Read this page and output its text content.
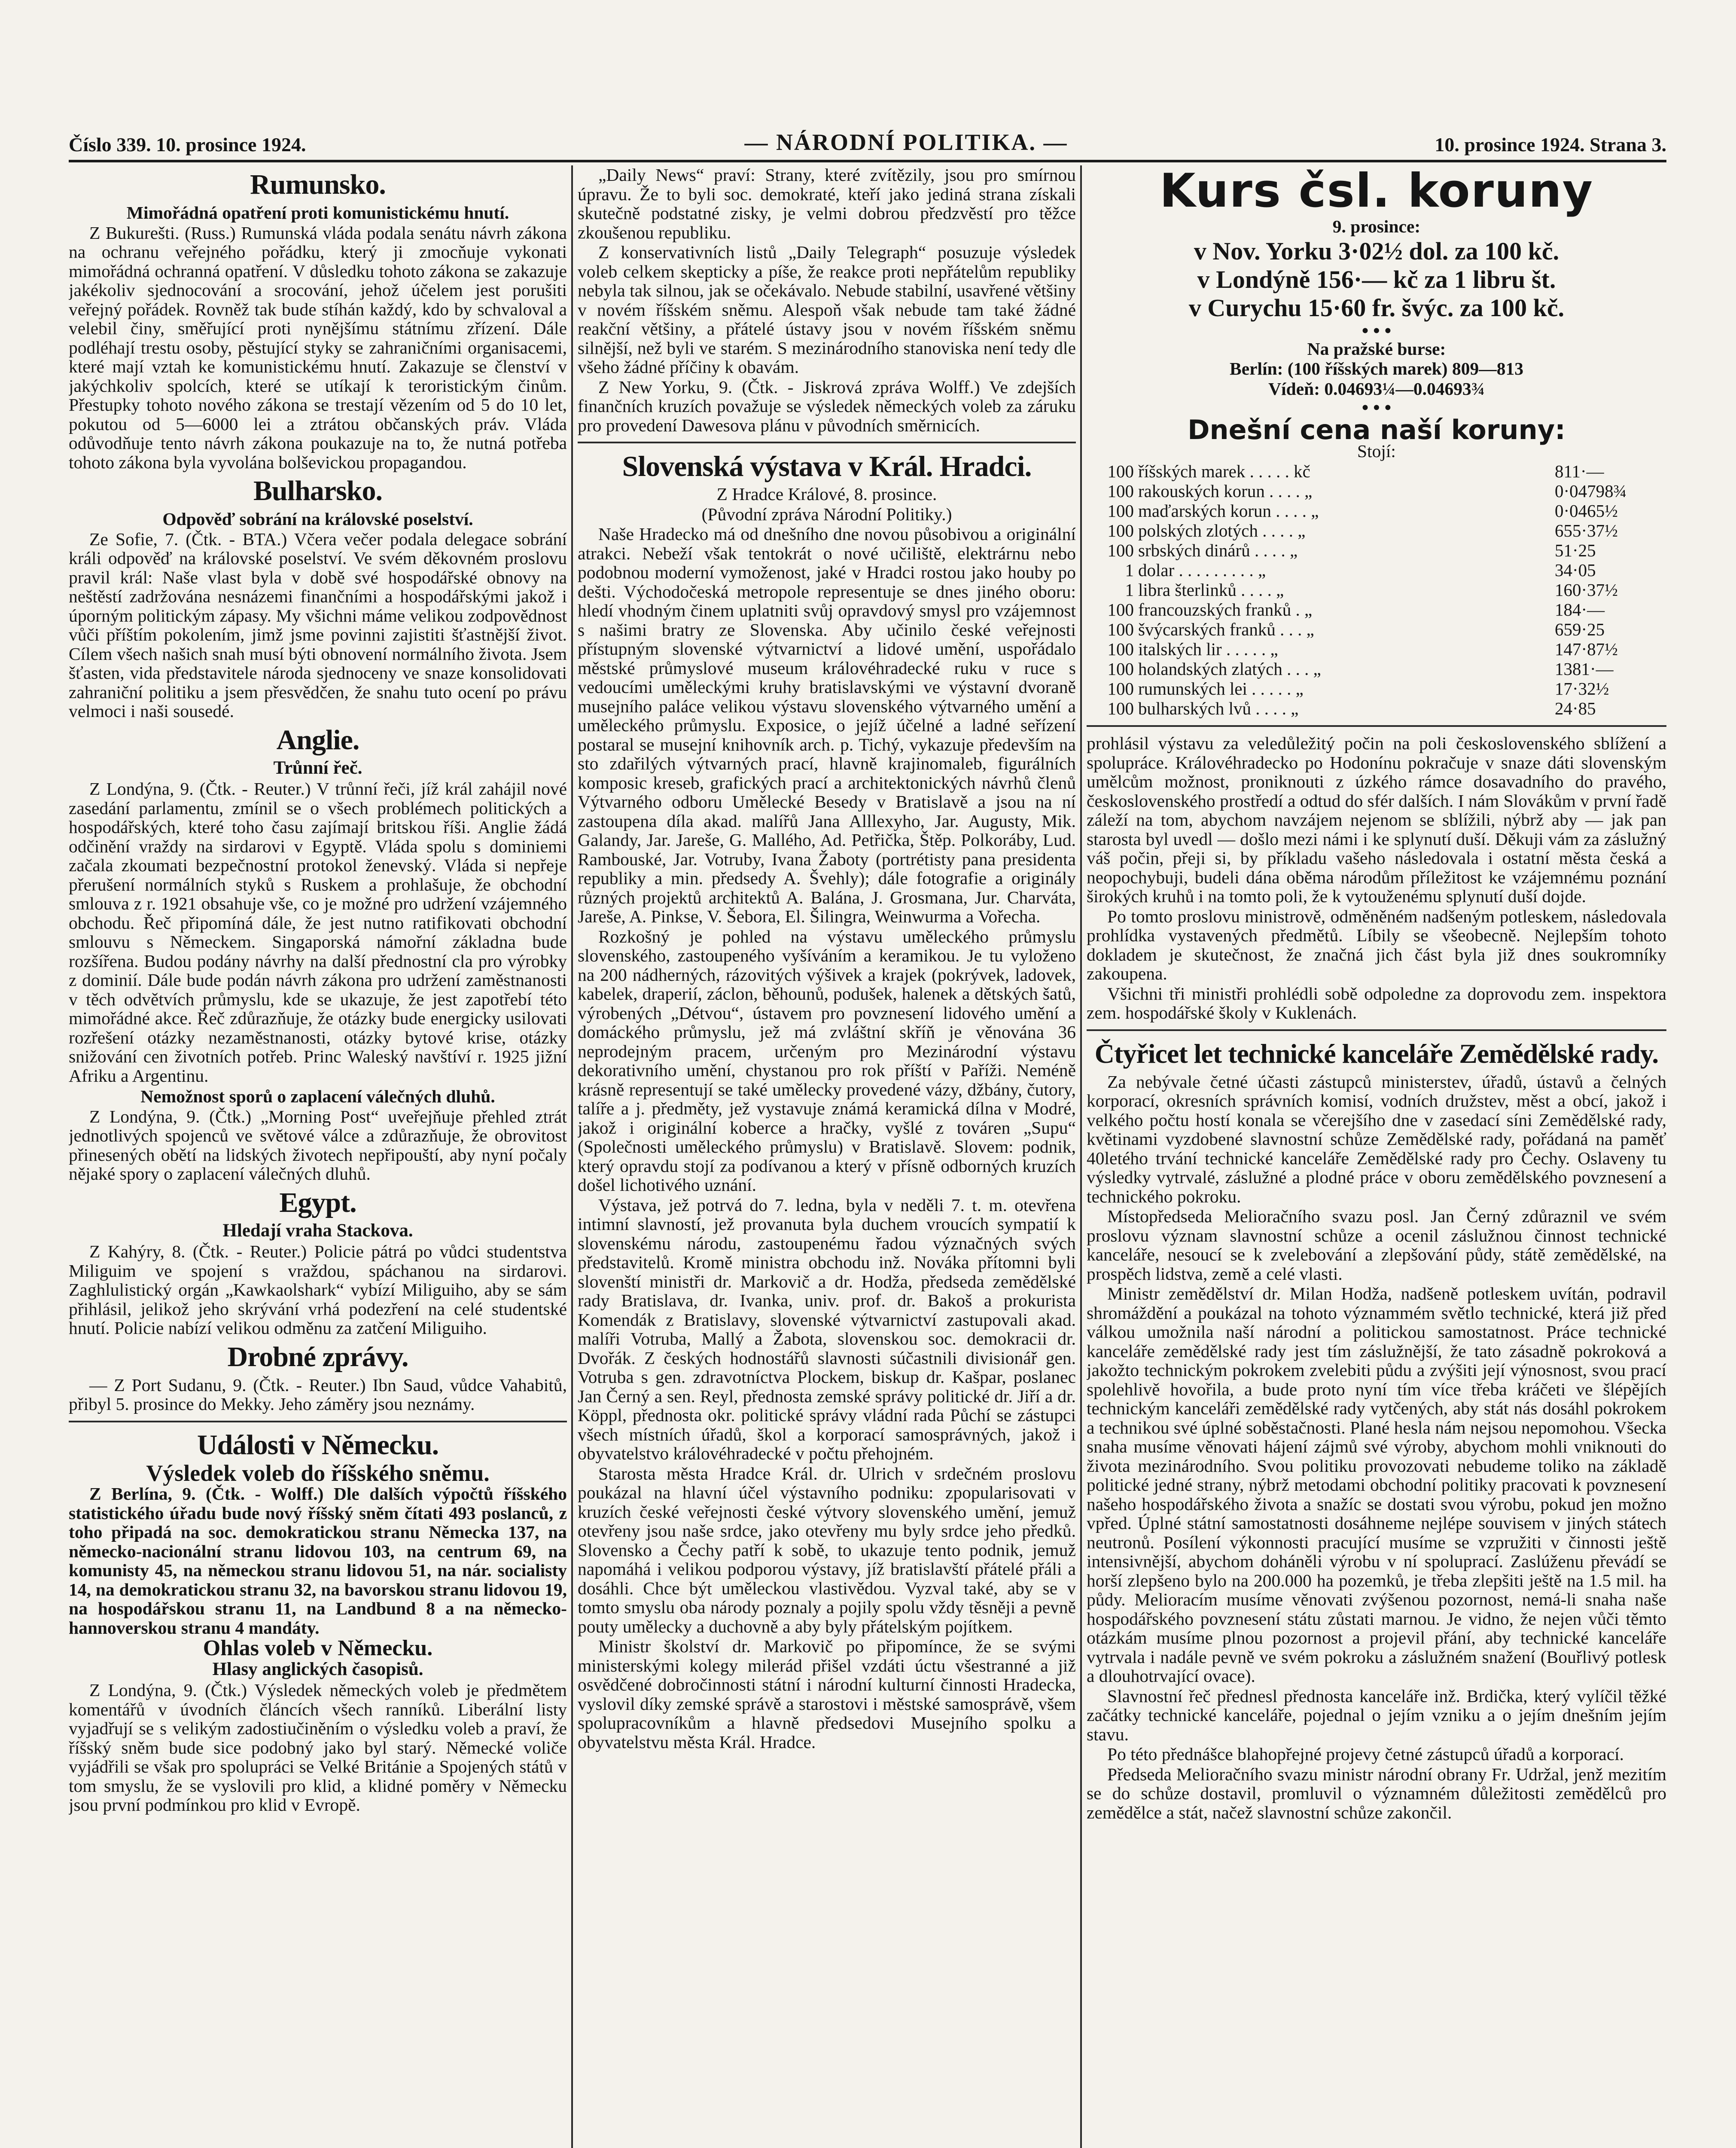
Číslo 339. 10. prosince 1924.	— NÁRODNÍ POLITIKA. —	10. prosince 1924. Strana 3.
Rumunsko.

Mimořádná opatření proti komunistickému hnutí.

Z Bukurešti. (Russ.) Rumunská vláda podala senátu návrh zákona na ochranu veřejného pořádku, který ji zmocňuje vykonati mimořádná ochranná opatření. V důsledku tohoto zákona se zakazuje jakékoliv sjednocování a srocování, jehož účelem jest porušiti veřejný pořádek. Rovněž tak bude stíhán každý, kdo by schvaloval a velebil činy, směřující proti nynějšímu státnímu zřízení. Dále podléhají trestu osoby, pěstující styky se zahraničními organisacemi, které mají vztah ke komunistickému hnutí. Zakazuje se členství v jakýchkoliv spolcích, které se utíkají k teroristickým činům. Přestupky tohoto nového zákona se trestají vězením od 5 do 10 let, pokutou od 5—6000 lei a ztrátou občanských práv. Vláda odůvodňuje tento návrh zákona poukazuje na to, že nutná potřeba tohoto zákona byla vyvolána bolševickou propagandou.

Bulharsko.

Odpověď sobrání na královské poselství.

Ze Sofie, 7. (Čtk. - BTA.) Včera večer podala delegace sobrání králi odpověď na královské poselství. Ve svém děkovném proslovu pravil král: Naše vlast byla v době své hospodářské obnovy na neštěstí zadržována nesnázemi finančními a hospodářskými jakož i úporným politickým zápasy. My všichni máme velikou zodpovědnost vůči příštím pokolením, jimž jsme povinni zajistiti šťastnější život. Cílem všech našich snah musí býti obnovení normálního života. Jsem šťasten, vida představitele národa sjednoceny ve snaze konsolidovati zahraniční politiku a jsem přesvědčen, že snahu tuto ocení po právu velmoci i naši sousedé.

Anglie.
Trůnní řeč.

Z Londýna, 9. (Čtk. - Reuter.) V trůnní řeči, jíž král zahájil nové zasedání parlamentu, zmínil se o všech problémech politických a hospodářských, které toho času zajímají britskou říši. Anglie žádá odčinění vraždy na sirdarovi v Egyptě. Vláda spolu s dominiemi začala zkoumati bezpečnostní protokol ženevský. Vláda si nepřeje přerušení normálních styků s Ruskem a prohlašuje, že obchodní smlouva z r. 1921 obsahuje vše, co je možné pro udržení vzájemného obchodu. Řeč připomíná dále, že jest nutno ratifikovati obchodní smlouvu s Německem. Singaporská námořní základna bude rozšířena. Budou podány návrhy na další přednostní cla pro výrobky z dominií. Dále bude podán návrh zákona pro udržení zaměstnanosti v těch odvětvích průmyslu, kde se ukazuje, že jest zapotřebí této mimořádné akce. Řeč zdůrazňuje, že otázky bude energicky usilovati rozřešení otázky nezaměstnanosti, otázky bytové krise, otázky snižování cen životních potřeb. Princ Waleský navštíví r. 1925 jižní Afriku a Argentinu.

Nemožnost sporů o zaplacení válečných dluhů.

Z Londýna, 9. (Čtk.) „Morning Post“ uveřejňuje přehled ztrát jednotlivých spojenců ve světové válce a zdůrazňuje, že obrovitost přinesených obětí na lidských životech nepřipouští, aby nyní počaly nějaké spory o zaplacení válečných dluhů.

Egypt.
Hledají vraha Stackova.

Z Kahýry, 8. (Čtk. - Reuter.) Policie pátrá po vůdci studentstva Miliguim ve spojení s vraždou, spáchanou na sirdarovi. Zaghlulistický orgán „Kawkaolshark“ vybízí Miliguiho, aby se sám přihlásil, jelikož jeho skrývání vrhá podezření na celé studentské hnutí. Policie nabízí velikou odměnu za zatčení Miliguiho.

Drobné zprávy.

— Z Port Sudanu, 9. (Čtk. - Reuter.) Ibn Saud, vůdce Vahabitů, přibyl 5. prosince do Mekky. Jeho záměry jsou neznámy.

Události v Německu.
Výsledek voleb do říšského sněmu.

Z Berlína, 9. (Čtk. - Wolff.) Dle dalších výpočtů říšského statistického úřadu bude nový říšský sněm čítati 493 poslanců, z toho připadá na soc. demokratickou stranu Německa 137, na německo-nacionální stranu lidovou 103, na centrum 69, na komunisty 45, na německou stranu lidovou 51, na nár. socialisty 14, na demokratickou stranu 32, na bavorskou stranu lidovou 19, na hospodářskou stranu 11, na Landbund 8 a na německo-hannoverskou stranu 4 mandáty.

Ohlas voleb v Německu.
Hlasy anglických časopisů.

Z Londýna, 9. (Čtk.) Výsledek německých voleb je předmětem komentářů v úvodních článcích všech ranníků. Liberální listy vyjadřují se s velikým zadostiučiněním o výsledku voleb a praví, že říšský sněm bude sice podobný jako byl starý. Německé voliče vyjádřili se však pro spolupráci se Velké Británie a Spojených států v tom smyslu, že se vyslovili pro klid, a klidné poměry v Německu jsou první podmínkou pro klid v Evropě.

„Daily News“ praví: Strany, které zvítězily, jsou pro smírnou úpravu. Že to byli soc. demokraté, kteří jako jediná strana získali skutečně podstatné zisky, je velmi dobrou předzvěstí pro těžce zkoušenou republiku.

Z konservativních listů „Daily Telegraph“ posuzuje výsledek voleb celkem skepticky a píše, že reakce proti nepřátelům republiky nebyla tak silnou, jak se očekávalo. Nebude stabilní, usavřené většiny v novém říšském sněmu. Alespoň však nebude tam také žádné reakční většiny, a přátelé ústavy jsou v novém říšském sněmu silnější, než byli ve starém. S mezinárodního stanoviska není tedy dle všeho žádné příčiny k obavám.

Z New Yorku, 9. (Čtk. - Jiskrová zpráva Wolff.) Ve zdejších finančních kruzích považuje se výsledek německých voleb za záruku pro provedení Dawesova plánu v původních směrnicích.

Slovenská výstava v Král. Hradci.

Z Hradce Králové, 8. prosince.

(Původní zpráva Národní Politiky.)

Naše Hradecko má od dnešního dne novou působivou a originální atrakci. Nebeží však tentokrát o nové učiliště, elektrárnu nebo podobnou moderní vymoženost, jaké v Hradci rostou jako houby po dešti. Východočeská metropole representuje se dnes jiného oboru: hledí vhodným činem uplatniti svůj opravdový smysl pro vzájemnost s našimi bratry ze Slovenska. Aby učinilo české veřejnosti přístupným slovenské výtvarnictví a lidové umění, uspořádalo městské průmyslové museum královéhradecké ruku v ruce s vedoucími uměleckými kruhy bratislavskými ve výstavní dvoraně musejního paláce velikou výstavu slovenského výtvarného umění a uměleckého průmyslu. Exposice, o jejíž účelné a ladné seřízení postaral se musejní knihovník arch. p. Tichý, vykazuje především na sto zdařilých výtvarných prací, hlavně krajinomaleb, figurálních komposic kreseb, grafických prací a architektonických návrhů členů Výtvarného odboru Umělecké Besedy v Bratislavě a jsou na ní zastoupena díla akad. malířů Jana Alllexyho, Jar. Augusty, Mik. Galandy, Jar. Jareše, G. Mallého, Ad. Petřička, Štěp. Polkoráby, Lud. Rambouské, Jar. Votruby, Ivana Žaboty (portrétisty pana presidenta republiky a min. předsedy A. Švehly); dále fotografie a originály různých projektů architektů A. Balána, J. Grosmana, Jur. Charváta, Jareše, A. Pinkse, V. Šebora, El. Šilingra, Weinwurma a Vořecha.

Rozkošný je pohled na výstavu uměleckého průmyslu slovenského, zastoupeného vyšíváním a keramikou. Je tu vyloženo na 200 nádherných, rázovitých výšivek a krajek (pokrývek, ladovek, kabelek, draperií, záclon, běhounů, podušek, halenek a dětských šatů, výrobených „Détvou“, ústavem pro povznesení lidového umění a domáckého průmyslu, jež má zvláštní skříň je věnována 36 neprodejným pracem, určeným pro Mezinárodní výstavu dekorativního umění, chystanou pro rok příští v Paříži. Neméně krásně representují se také umělecky provedené vázy, džbány, čutory, talíře a j. předměty, jež vystavuje známá keramická dílna v Modré, jakož i originální koberce a hračky, vyšlé z továren „Supu“ (Společnosti uměleckého průmyslu) v Bratislavě. Slovem: podnik, který opravdu stojí za podívanou a který v přísně odborných kruzích došel lichotivého uznání.

Výstava, jež potrvá do 7. ledna, byla v neděli 7. t. m. otevřena intimní slavností, jež provanuta byla duchem vroucích sympatií k slovenskému národu, zastoupenému řadou význačných svých představitelů. Kromě ministra obchodu inž. Nováka přítomni byli slovenští ministři dr. Markovič a dr. Hodža, předseda zemědělské rady Bratislava, dr. Ivanka, univ. prof. dr. Bakoš a prokurista Komendák z Bratislavy, slovenské výtvarnictví zastupovali akad. malíři Votruba, Mallý a Žabota, slovenskou soc. demokracii dr. Dvořák. Z českých hodnostářů slavnosti súčastnili divisionář gen. Votruba s gen. zdravotníctva Plockem, biskup dr. Kašpar, poslanec Jan Černý a sen. Reyl, přednosta zemské správy politické dr. Jiří a dr. Köppl, přednosta okr. politické správy vládní rada Půchí se zástupci všech místních úřadů, škol a korporací samosprávných, jakož i obyvatelstvo královéhradecké v počtu přehojném.

Starosta města Hradce Král. dr. Ulrich v srdečném proslovu poukázal na hlavní účel výstavního podniku: zpopularisovati v kruzích české veřejnosti české výtvory slovenského umění, jemuž otevřeny jsou naše srdce, jako otevřeny mu byly srdce jeho předků. Slovensko a Čechy patří k sobě, to ukazuje tento podnik, jemuž napomáhá i velikou podporou výstavy, jíž bratislavští přátelé přáli a dosáhli. Chce být uměleckou vlastivědou. Vyzval také, aby se v tomto smyslu oba národy poznaly a pojily spolu vždy těsněji a pevně pouty umělecky a duchovně a aby byly přátelským pojítkem.

Ministr školství dr. Markovič po připomínce, že se svými ministerskými kolegy milerád přišel vzdáti úctu všestranné a již osvědčené dobročinnosti státní i národní kulturní činnosti Hradecka, vyslovil díky zemské správě a starostovi i městské samosprávě, všem spolupracovníkům a hlavně předsedovi Musejního spolku a obyvatelstvu města Král. Hradce.

Kurs čsl. koruny

9. prosince:

v Nov. Yorku 3·02½ dol. za 100 kč.
v Londýně 156·— kč za 1 libru št.
v Curychu 15·60 fr. švýc. za 100 kč.
• • •

Na pražské burse:

Berlín: (100 říšských marek) 809—813

Vídeň: 0.04693¼—0.04693¾

• • •
Dnešní cena naší koruny:

Stojí:

100	říšských marek . . . . . kč	811·—
100	rakouských korun . . . . „	0·04798¾
100	maďarských korun . . . . „	0·0465½
100	polských zlotých . . . . „	655·37½
100	srbských dinárů . . . . „	51·25
1	dolar . . . . . . . . . „	34·05
1	libra šterlinků . . . . „	160·37½
100	francouzských franků . „	184·—
100	švýcarských franků . . . „	659·25
100	italských lir . . . . . „	147·87½
100	holandských zlatých . . . „	1381·—
100	rumunských lei . . . . . „	17·32½
100	bulharských lvů . . . . „	24·85

prohlásil výstavu za veledůležitý počin na poli československého sblížení a spolupráce. Královéhradecko po Hodonínu pokračuje v snaze dáti slovenským umělcům možnost, proniknouti z úzkého rámce dosavadního do pravého, československého prostředí a odtud do sfér dalších. I nám Slovákům v první řadě záleží na tom, abychom navzájem nejenom se sblížili, nýbrž aby — jak pan starosta byl uvedl — došlo mezi námi i ke splynutí duší. Děkuji vám za záslužný váš počin, přeji si, by příkladu vašeho následovala i ostatní města česká a neopochybuji, budeli dána oběma národům příležitost ke vzájemnému poznání širokých kruhů i na tomto poli, že k vytouženému splynutí duší dojde.

Po tomto proslovu ministrově, odměněném nadšeným potleskem, následovala prohlídka vystavených předmětů. Líbily se všeobecně. Nejlepším tohoto dokladem je skutečnost, že značná jich část byla již dnes soukromníky zakoupena.

Všichni tři ministři prohlédli sobě odpoledne za doprovodu zem. inspektora zem. hospodářské školy v Kuklenách.

Čtyřicet let technické kanceláře Zemědělské rady.

Za nebývale četné účasti zástupců ministerstev, úřadů, ústavů a čelných korporací, okresních správních komisí, vodních družstev, měst a obcí, jakož i velkého počtu hostí konala se včerejšího dne v zasedací síni Zemědělské rady, květinami vyzdobené slavnostní schůze Zemědělské rady, pořádaná na paměť 40letého trvání technické kanceláře Zemědělské rady pro Čechy. Oslaveny tu výsledky vytrvalé, záslužné a plodné práce v oboru zemědělského povznesení a technického pokroku.

Místopředseda Melioračního svazu posl. Jan Černý zdůraznil ve svém proslovu význam slavnostní schůze a ocenil záslužnou činnost technické kanceláře, nesoucí se k zvelebování a zlepšování půdy, státě zemědělské, na prospěch lidstva, země a celé vlasti.

Ministr zemědělství dr. Milan Hodža, nadšeně potleskem uvítán, podravil shromáždění a poukázal na tohoto význammém světlo technické, která již před válkou umožnila naší národní a politickou samostatnost. Práce technické kanceláře zemědělské rady jest tím záslužnější, že tato zásadně pokroková a jakožto technickým pokrokem zvelebiti půdu a zvýšiti její výnosnost, svou prací spolehlivě hovořila, a bude proto nyní tím více třeba kráčeti ve šlépějích technickým kanceláři zemědělské rady vytčených, aby stát nás dosáhl pokrokem a technikou své úplné soběstačnosti. Plané hesla nám nejsou nepomohou. Všecka snaha musíme věnovati hájení zájmů své výroby, abychom mohli vniknouti do života mezinárodního. Svou politiku provozovati nebudeme toliko na základě politické jedné strany, nýbrž metodami obchodní politiky pracovati k povznesení našeho hospodářského života a snažíc se dostati svou výrobu, pokud jen možno vpřed. Úplné státní samostatnosti dosáhneme nejlépe souvisem v jiných státech neutronů. Posílení výkonnosti pracující musíme se vzpružiti v činnosti ještě intensivnější, abychom doháněli výrobu v ní spoluprací. Zaslúženu převádí se horší zlepšeno bylo na 200.000 ha pozemků, je třeba zlepšiti ještě na 1.5 mil. ha půdy. Melioracím musíme věnovati zvýšenou pozornost, nemá-li snaha naše hospodářského povznesení státu zůstati marnou. Je vidno, že nejen vůči těmto otázkám musíme plnou pozornost a projevil přání, aby technické kanceláře vytrvala i nadále pevně ve svém pokroku a záslužném snažení (Bouřlivý potlesk a dlouhotrvající ovace).

Slavnostní řeč přednesl přednosta kanceláře inž. Brdička, který vylíčil těžké začátky technické kanceláře, pojednal o jejím vzniku a o jejím dnešním jejím stavu.

Po této přednášce blahopřejné projevy četné zástupců úřadů a korporací.

Předseda Melioračního svazu ministr národní obrany Fr. Udržal, jenž mezitím se do schůze dostavil, promluvil o významném důležitosti zemědělců pro zemědělce a stát, načež slavnostní schůze zakončil.
